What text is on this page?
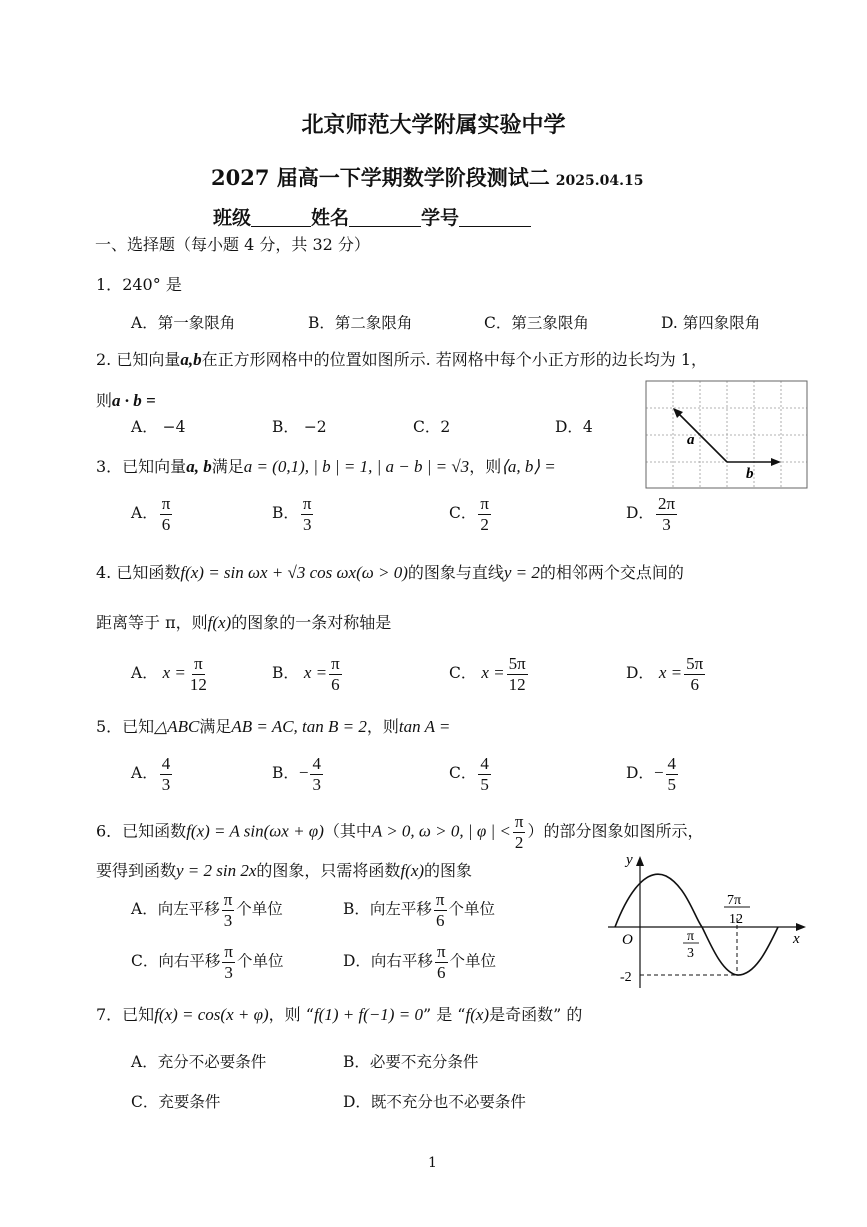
北京师范大学附属实验中学
2027 届高一下学期数学阶段测试二 2025.04.15
班级	姓名	学号
一、选择题（每小题 4 分，共 32 分）
1．240° 是
A．第一象限角	B．第二象限角	C．第三象限角	D. 第四象限角
2. 已知向量a,b在正方形网格中的位置如图所示. 若网格中每个小正方形的边长均为 1，
则a · b =
A． −4	B． −2	C．2	D．4
a
b
3．已知向量a, b满足a = (0,1), | b | = 1, | a − b | = √3，则⟨a, b⟩ =
A． $\frac{\pi}{6}$	B． $\frac{\pi}{3}$	C． $\frac{\pi}{2}$	D． $\frac{2\pi}{3}$
4. 已知函数f(x) = sin ωx + √3 cos ωx(ω > 0)的图象与直线y = 2的相邻两个交点间的
距离等于 π，则f(x)的图象的一条对称轴是
A． $x = \frac{\pi}{12}$	B． $x = \frac{\pi}{6}$	C． $x = \frac{5\pi}{12}$	D． $x = \frac{5\pi}{6}$
5．已知△ABC满足AB = AC, tan B = 2，则tan A =
A． $\frac{4}{3}$	B．− $\frac{4}{3}$	C． $\frac{4}{5}$	D．− $\frac{4}{5}$
6．已知函数f(x) = A sin(ωx + φ)（其中A > 0, ω > 0, | φ | < $\frac{\pi}{2}$ ）的部分图象如图所示，
要得到函数y = 2 sin 2x的图象，只需将函数f(x)的图象
A．向左平移 $\frac{\pi}{3}$ 个单位	B．向左平移 $\frac{\pi}{6}$ 个单位
C．向右平移 $\frac{\pi}{3}$ 个单位	D．向右平移 $\frac{\pi}{6}$ 个单位
y
x
O	π
3
7π
12
-2
7．已知f(x) = cos(x + φ)，则 “f(1) + f(−1) = 0” 是 “f(x)是奇函数” 的
A．充分不必要条件	B．必要不充分条件
C．充要条件	D．既不充分也不必要条件
1
